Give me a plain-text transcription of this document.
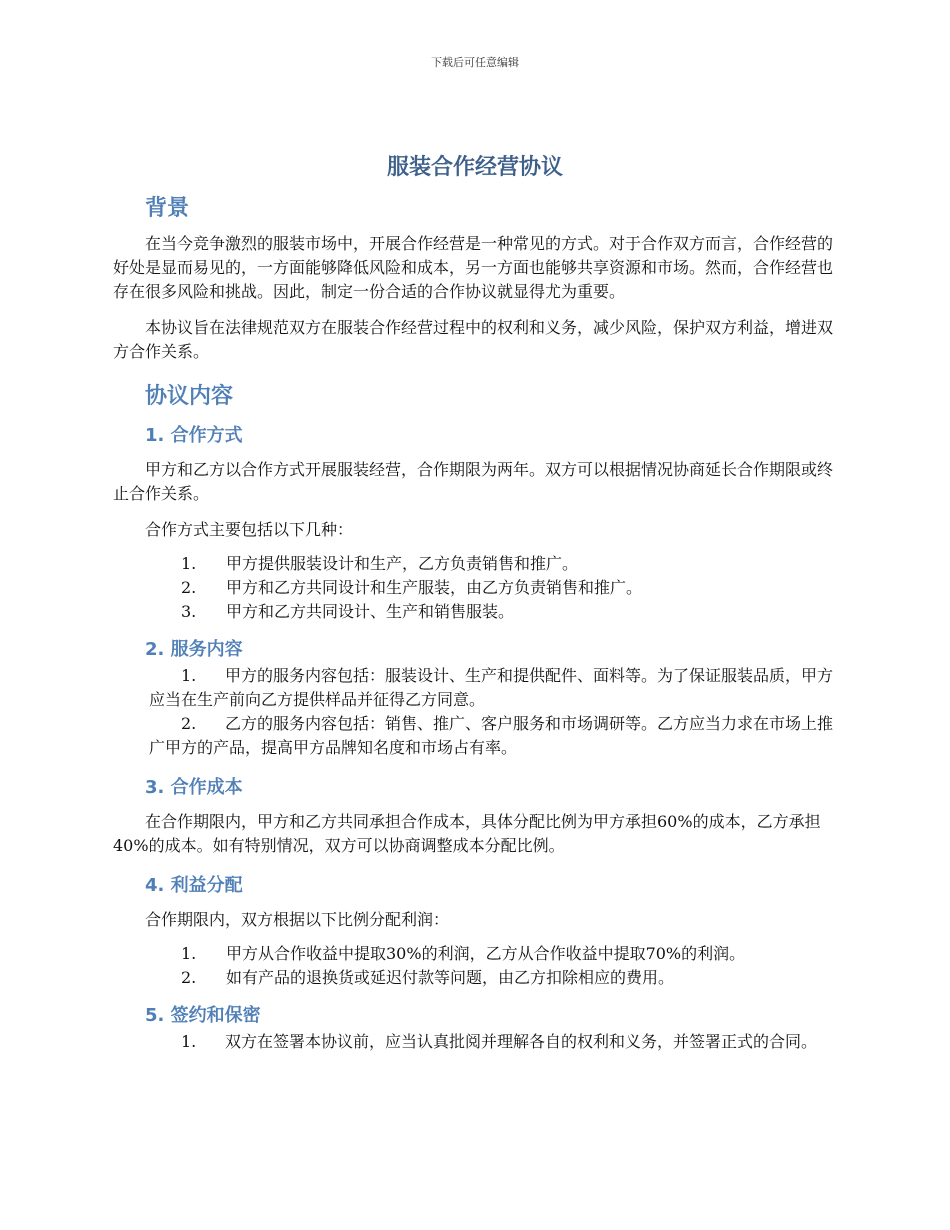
下载后可任意编辑
服装合作经营协议
背景

在当今竞争激烈的服装市场中，开展合作经营是一种常见的方式。对于合作双方而言，合作经营的好处是显而易见的，一方面能够降低风险和成本，另一方面也能够共享资源和市场。然而，合作经营也存在很多风险和挑战。因此，制定一份合适的合作协议就显得尤为重要。

本协议旨在法律规范双方在服装合作经营过程中的权利和义务，减少风险，保护双方利益，增进双方合作关系。

协议内容
1. 合作方式

甲方和乙方以合作方式开展服装经营，合作期限为两年。双方可以根据情况协商延长合作期限或终止合作关系。

合作方式主要包括以下几种：

1. 甲方提供服装设计和生产，乙方负责销售和推广。
2. 甲方和乙方共同设计和生产服装，由乙方负责销售和推广。
3. 甲方和乙方共同设计、生产和销售服装。
2. 服务内容
1. 甲方的服务内容包括：服装设计、生产和提供配件、面料等。为了保证服装品质，甲方应当在生产前向乙方提供样品并征得乙方同意。
2. 乙方的服务内容包括：销售、推广、客户服务和市场调研等。乙方应当力求在市场上推广甲方的产品，提高甲方品牌知名度和市场占有率。
3. 合作成本

在合作期限内，甲方和乙方共同承担合作成本，具体分配比例为甲方承担60%的成本，乙方承担40%的成本。如有特别情况，双方可以协商调整成本分配比例。

4. 利益分配

合作期限内，双方根据以下比例分配利润：

1. 甲方从合作收益中提取30%的利润，乙方从合作收益中提取70%的利润。
2. 如有产品的退换货或延迟付款等问题，由乙方扣除相应的费用。
5. 签约和保密
1. 双方在签署本协议前，应当认真批阅并理解各自的权利和义务，并签署正式的合同。
